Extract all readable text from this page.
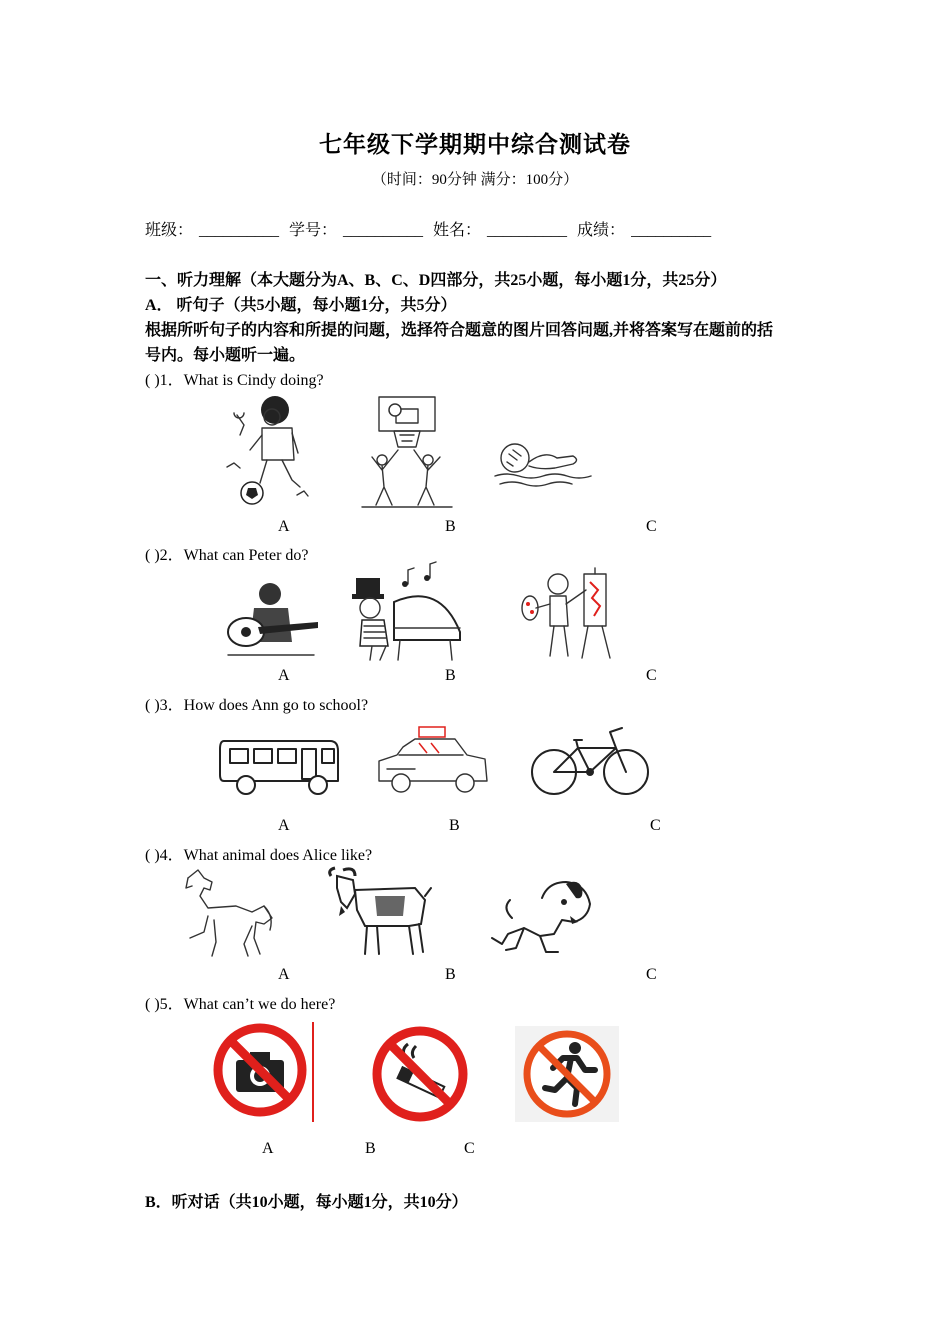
七年级下学期期中综合测试卷
（时间：90分钟 满分：100分）
班级： __________ 学号： __________ 姓名： __________ 成绩： __________
一、听力理解（本大题分为A、B、C、D四部分，共25小题，每小题1分，共25分）
A． 听句子（共5小题，每小题1分，共5分）
根据所听句子的内容和所提的问题，选择符合题意的图片回答问题,并将答案写在题前的括
号内。每小题听一遍。
( )1．What is Cindy doing?
A	B	C
( )2．What can Peter do?
A	B	C
( )3．How does Ann go to school?
A	B	C
( )4．What animal does Alice like?
A	B	C
( )5．What can’t we do here?
A	B	C
B．听对话（共10小题，每小题1分，共10分）
